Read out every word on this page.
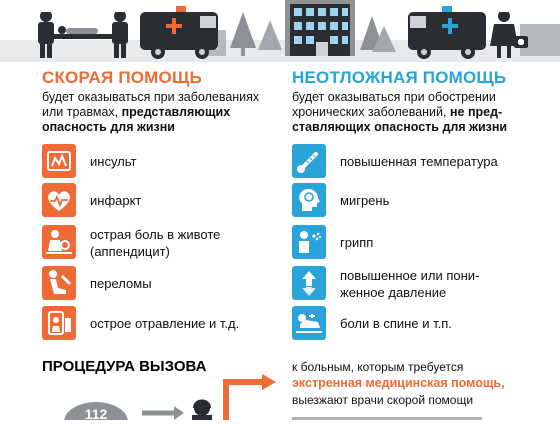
СКОРАЯ ПОМОЩЬ
будет оказываться при заболеваниях
или травмах, представляющих
опасность для жизни
инсульт
инфаркт
острая боль в животе
(аппендицит)
переломы
острое отравление и т.д.
НЕОТЛОЖНАЯ ПОМОЩЬ
будет оказываться при обострении
хронических заболеваний, не пред-
ставляющих опасность для жизни
повышенная температура
мигрень
грипп
повышенное или пони-
женное давление
боли в спине и т.п.
ПРОЦЕДУРА ВЫЗОВА
112
к больным, которым требуется
экстренная медицинская помощь,
выезжают врачи скорой помощи
